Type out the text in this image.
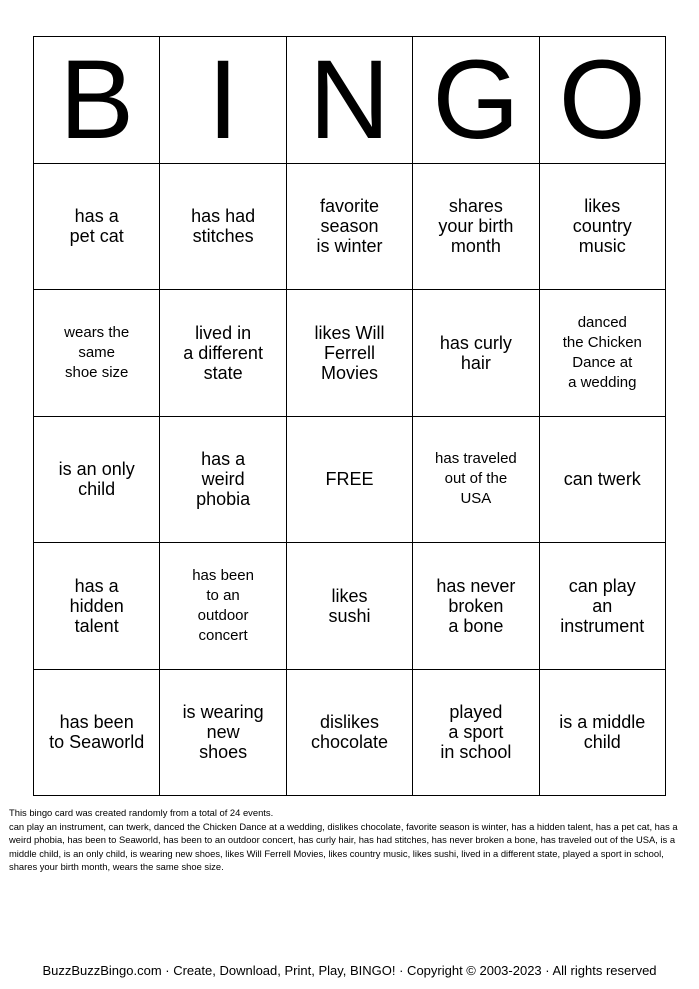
B I N G O
has a
pet cat
has had
stitches
favorite
season
is winter
shares
your birth
month
likes
country
music
wears the
same
shoe size
lived in
a different
state
likes Will
Ferrell
Movies
has curly
hair
danced
the Chicken
Dance at
a wedding
is an only
child
has a
weird
phobia
FREE
has traveled
out of the
USA
can twerk
has a
hidden
talent
has been
to an
outdoor
concert
likes
sushi
has never
broken
a bone
can play
an
instrument
has been
to Seaworld
is wearing
new
shoes
dislikes
chocolate
played
a sport
in school
is a middle
child

This bingo card was created randomly from a total of 24 events.

can play an instrument, can twerk, danced the Chicken Dance at a wedding, dislikes chocolate, favorite season is winter, has a hidden talent, has a pet cat, has a weird phobia, has been to Seaworld, has been to an outdoor concert, has curly hair, has had stitches, has never broken a bone, has traveled out of the USA, is a middle child, is an only child, is wearing new shoes, likes Will Ferrell Movies, likes country music, likes sushi, lived in a different state, played a sport in school, shares your birth month, wears the same shoe size.

BuzzBuzzBingo.com · Create, Download, Print, Play, BINGO! · Copyright © 2003-2023 · All rights reserved
